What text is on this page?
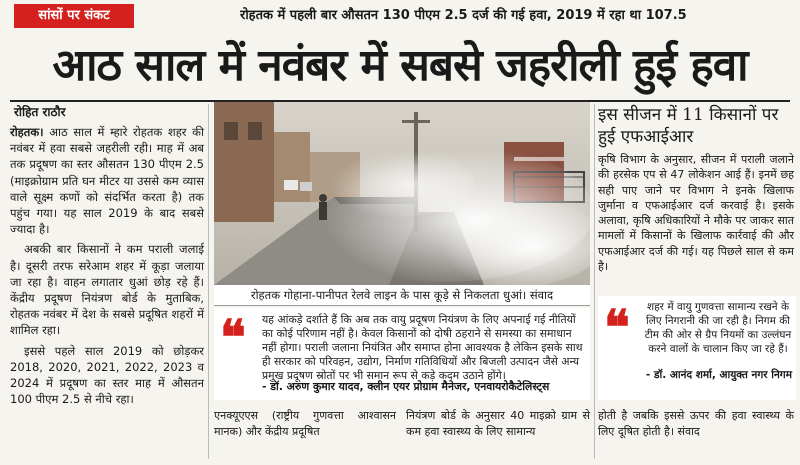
सांसों पर संकट	रोहतक में पहली बार औसतन 130 पीएम 2.5 दर्ज की गई हवा, 2019 में रहा था 107.5
आठ साल में नवंबर में सबसे जहरीली हुई हवा
रोहित राठौर

रोहतक। आठ साल में म्हारे रोहतक शहर की नवंबर में हवा सबसे जहरीली रही। माह में अब तक प्रदूषण का स्तर औसतन 130 पीएम 2.5 (माइक्रोग्राम प्रति घन मीटर या उससे कम व्यास वाले सूक्ष्म कणों को संदर्भित करता है) तक पहुंच गया। यह साल 2019 के बाद सबसे ज्यादा है।

अबकी बार किसानों ने कम पराली जलाई है। दूसरी तरफ सरेआम शहर में कूड़ा जलाया जा रहा है। वाहन लगातार धुआं छोड़ रहे हैं। केंद्रीय प्रदूषण नियंत्रण बोर्ड के मुताबिक, रोहतक नवंबर में देश के सबसे प्रदूषित शहरों में शामिल रहा।

इससे पहले साल 2019 को छोड़कर 2018, 2020, 2021, 2022, 2023 व 2024 में प्रदूषण का स्तर माह में औसतन 100 पीएम 2.5 से नीचे रहा।

रोहतक गोहाना-पानीपत रेलवे लाइन के पास कूड़े से निकलता धुआं। संवाद
इस सीजन में 11 किसानों पर हुई एफआईआर
कृषि विभाग के अनुसार, सीजन में पराली जलाने की हरसेक एप से 47 लोकेशन आई हैं। इनमें छह सही पाए जाने पर विभाग ने इनके खिलाफ जुर्माना व एफआईआर दर्ज करवाई है। इसके अलावा, कृषि अधिकारियों ने मौके पर जाकर सात मामलों में किसानों के खिलाफ कार्रवाई की और एफआईआर दर्ज की गई। यह पिछले साल से कम है।
❝ यह आंकड़े दर्शाते हैं कि अब तक वायु प्रदूषण नियंत्रण के लिए अपनाई गई नीतियों का कोई परिणाम नहीं है। केवल किसानों को दोषी ठहराने से समस्या का समाधान नहीं होगा। पराली जलाना नियंत्रित और समाप्त होना आवश्यक है लेकिन इसके साथ ही सरकार को परिवहन, उद्योग, निर्माण गतिविधियों और बिजली उत्पादन जैसे अन्य प्रमुख प्रदूषण स्रोतों पर भी समान रूप से कड़े कदम उठाने होंगे।
- डॉ. अरुण कुमार यादव, क्लीन एयर प्रोग्राम मैनेजर, एनवायरोकैटेलिस्ट्स
❝ शहर में वायु गुणवत्ता सामान्य रखने के लिए निगरानी की जा रही है। निगम की टीम की ओर से ग्रैप नियमों का उल्लंघन करने वालों के चालान किए जा रहे हैं।
- डॉ. आनंद शर्मा, आयुक्त नगर निगम
एनक्यूएएस (राष्ट्रीय गुणवत्ता आश्वासन मानक) और केंद्रीय प्रदूषित
नियंत्रण बोर्ड के अनुसार 40 माइक्रो ग्राम से कम हवा स्वास्थ्य के लिए सामान्य
होती है जबकि इससे ऊपर की हवा स्वास्थ्य के लिए दूषित होती है। संवाद
